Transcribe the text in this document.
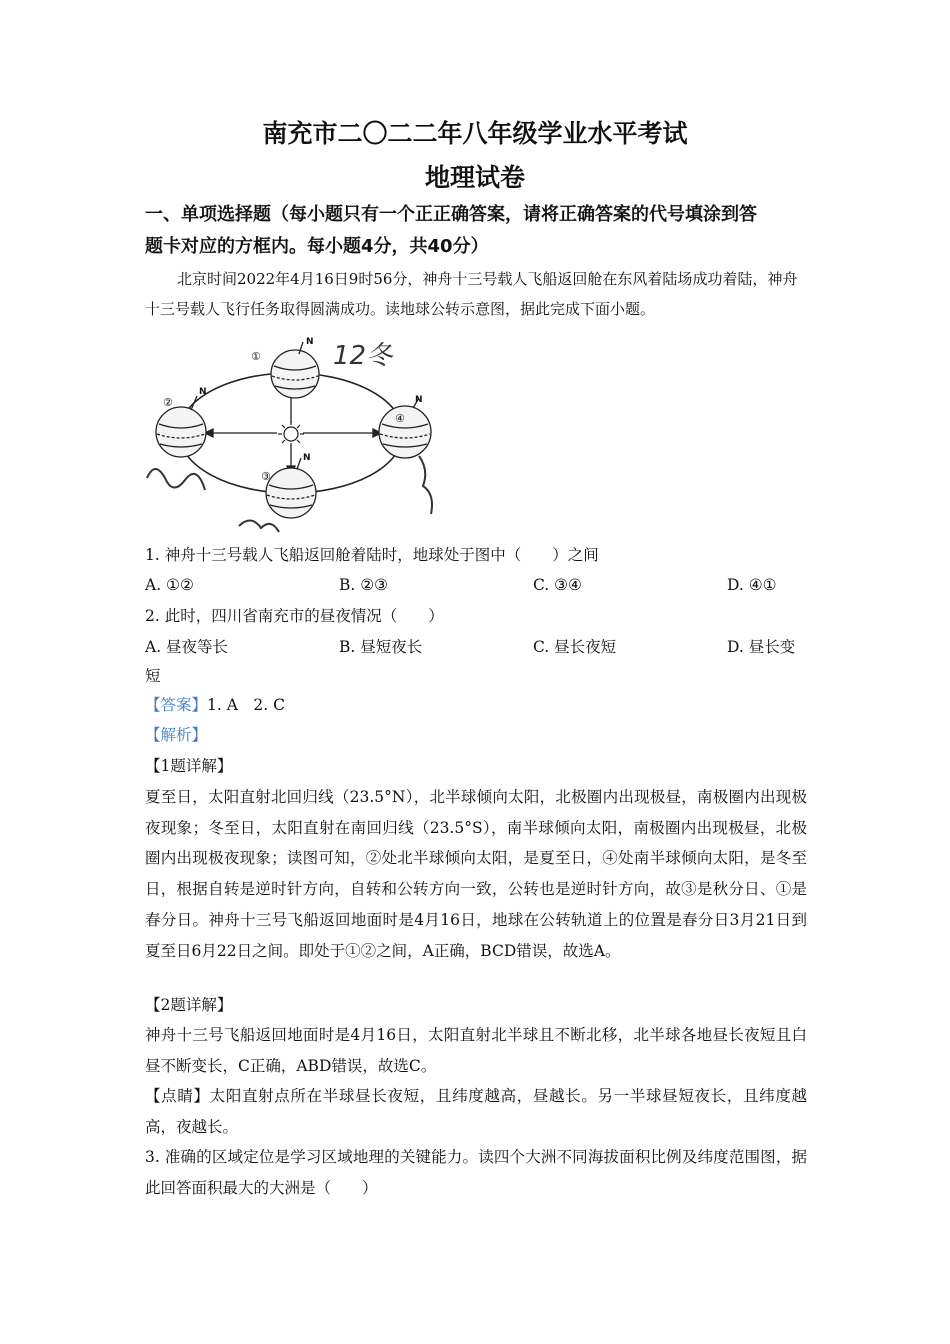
南充市二〇二二年八年级学业水平考试
地理试卷
一、单项选择题（每小题只有一个正正确答案，请将正确答案的代号填涂到答
题卡对应的方框内。每小题4分，共40分）
北京时间2022年4月16日9时56分，神舟十三号载人飞船返回舱在东风着陆场成功着陆，神舟十三号载人飞行任务取得圆满成功。读地球公转示意图，据此完成下面小题。
①
②
③
④
N
N
N
N
12冬
1. 神舟十三号载人飞船返回舱着陆时，地球处于图中（　　）之间
A. ①②	B. ②③	C. ③④	D. ④①
2. 此时，四川省南充市的昼夜情况（　　）
A. 昼夜等长	B. 昼短夜长	C. 昼长夜短	D. 昼长变
短
【答案】1. A　2. C
【解析】
【1题详解】
夏至日，太阳直射北回归线（23.5°N），北半球倾向太阳，北极圈内出现极昼，南极圈内出现极夜现象；冬至日，太阳直射在南回归线（23.5°S），南半球倾向太阳，南极圈内出现极昼，北极圈内出现极夜现象；读图可知，②处北半球倾向太阳，是夏至日，④处南半球倾向太阳，是冬至日，根据自转是逆时针方向，自转和公转方向一致，公转也是逆时针方向，故③是秋分日、①是春分日。神舟十三号飞船返回地面时是4月16日，地球在公转轨道上的位置是春分日3月21日到夏至日6月22日之间。即处于①②之间，A正确，BCD错误，故选A。
【2题详解】
神舟十三号飞船返回地面时是4月16日，太阳直射北半球且不断北移，北半球各地昼长夜短且白昼不断变长，C正确，ABD错误，故选C。
【点睛】太阳直射点所在半球昼长夜短，且纬度越高，昼越长。另一半球昼短夜长，且纬度越高，夜越长。
3. 准确的区域定位是学习区域地理的关键能力。读四个大洲不同海拔面积比例及纬度范围图，据此回答面积最大的大洲是（　　）
